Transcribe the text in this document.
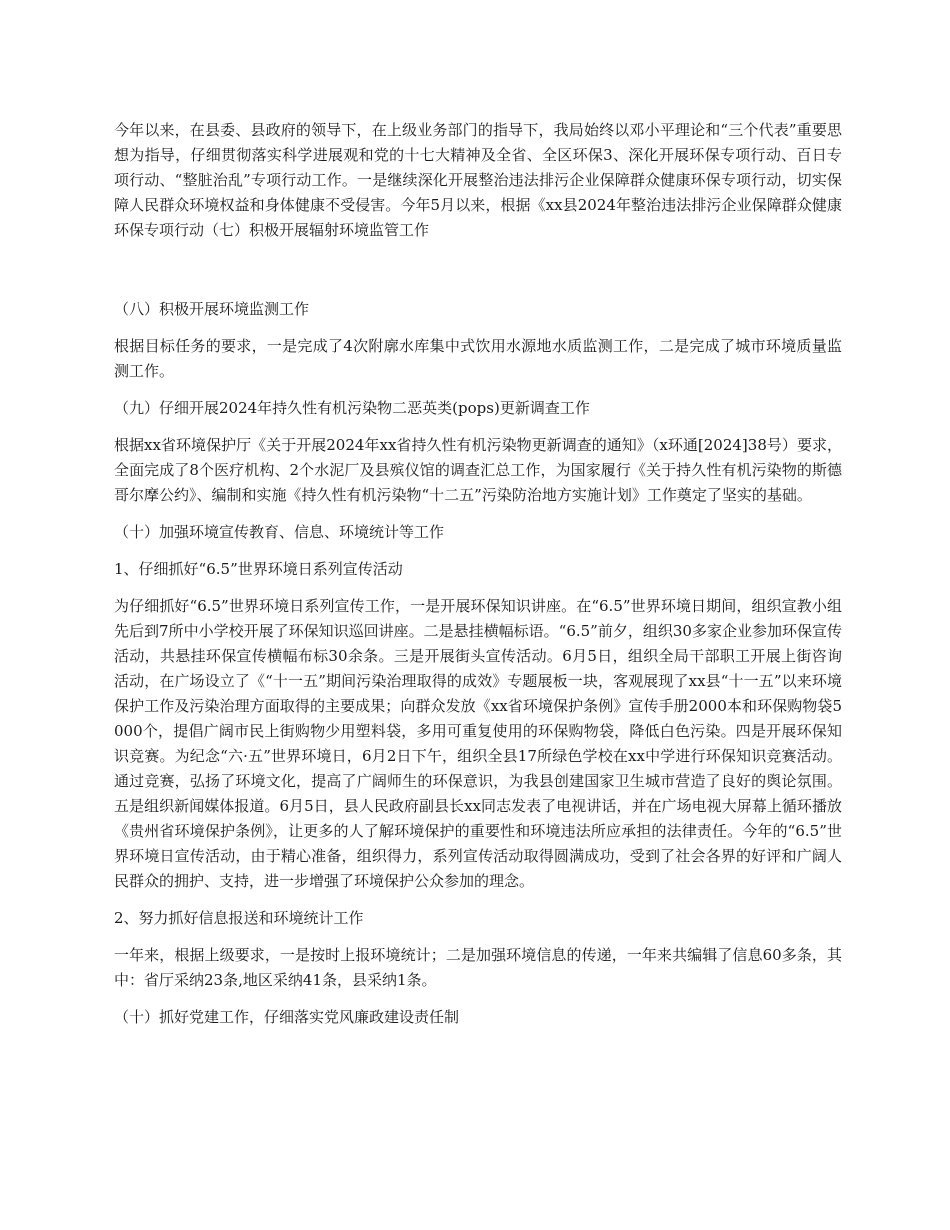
今年以来，在县委、县政府的领导下，在上级业务部门的指导下，我局始终以邓小平理论和“三个代表”重要思想为指导，仔细贯彻落实科学进展观和党的十七大精神及全省、全区环保3、深化开展环保专项行动、百日专项行动、“整脏治乱”专项行动工作。一是继续深化开展整治违法排污企业保障群众健康环保专项行动，切实保障人民群众环境权益和身体健康不受侵害。今年5月以来，根据《xx县2024年整治违法排污企业保障群众健康环保专项行动（七）积极开展辐射环境监管工作

（八）积极开展环境监测工作

根据目标任务的要求，一是完成了4次附廓水库集中式饮用水源地水质监测工作，二是完成了城市环境质量监测工作。

（九）仔细开展2024年持久性有机污染物二恶英类(pops)更新调查工作

根据xx省环境保护厅《关于开展2024年xx省持久性有机污染物更新调查的通知》（x环通[2024]38号）要求，全面完成了8个医疗机构、2个水泥厂及县殡仪馆的调查汇总工作，为国家履行《关于持久性有机污染物的斯德哥尔摩公约》、编制和实施《持久性有机污染物“十二五”污染防治地方实施计划》工作奠定了坚实的基础。

（十）加强环境宣传教育、信息、环境统计等工作

1、仔细抓好“6.5”世界环境日系列宣传活动

为仔细抓好“6.5”世界环境日系列宣传工作，一是开展环保知识讲座。在“6.5”世界环境日期间，组织宣教小组先后到7所中小学校开展了环保知识巡回讲座。二是悬挂横幅标语。“6.5”前夕，组织30多家企业参加环保宣传活动，共悬挂环保宣传横幅布标30余条。三是开展街头宣传活动。6月5日，组织全局干部职工开展上街咨询活动，在广场设立了《“十一五”期间污染治理取得的成效》专题展板一块，客观展现了xx县“十一五”以来环境保护工作及污染治理方面取得的主要成果；向群众发放《xx省环境保护条例》宣传手册2000本和环保购物袋5000个，提倡广阔市民上街购物少用塑料袋，多用可重复使用的环保购物袋，降低白色污染。四是开展环保知识竞赛。为纪念“六·五”世界环境日，6月2日下午，组织全县17所绿色学校在xx中学进行环保知识竞赛活动。通过竞赛，弘扬了环境文化，提高了广阔师生的环保意识，为我县创建国家卫生城市营造了良好的舆论氛围。五是组织新闻媒体报道。6月5日，县人民政府副县长xx同志发表了电视讲话，并在广场电视大屏幕上循环播放《贵州省环境保护条例》，让更多的人了解环境保护的重要性和环境违法所应承担的法律责任。今年的“6.5”世界环境日宣传活动，由于精心准备，组织得力，系列宣传活动取得圆满成功，受到了社会各界的好评和广阔人民群众的拥护、支持，进一步增强了环境保护公众参加的理念。

2、努力抓好信息报送和环境统计工作

一年来，根据上级要求，一是按时上报环境统计；二是加强环境信息的传递，一年来共编辑了信息60多条，其中：省厅采纳23条,地区采纳41条，县采纳1条。

（十）抓好党建工作，仔细落实党风廉政建设责任制
